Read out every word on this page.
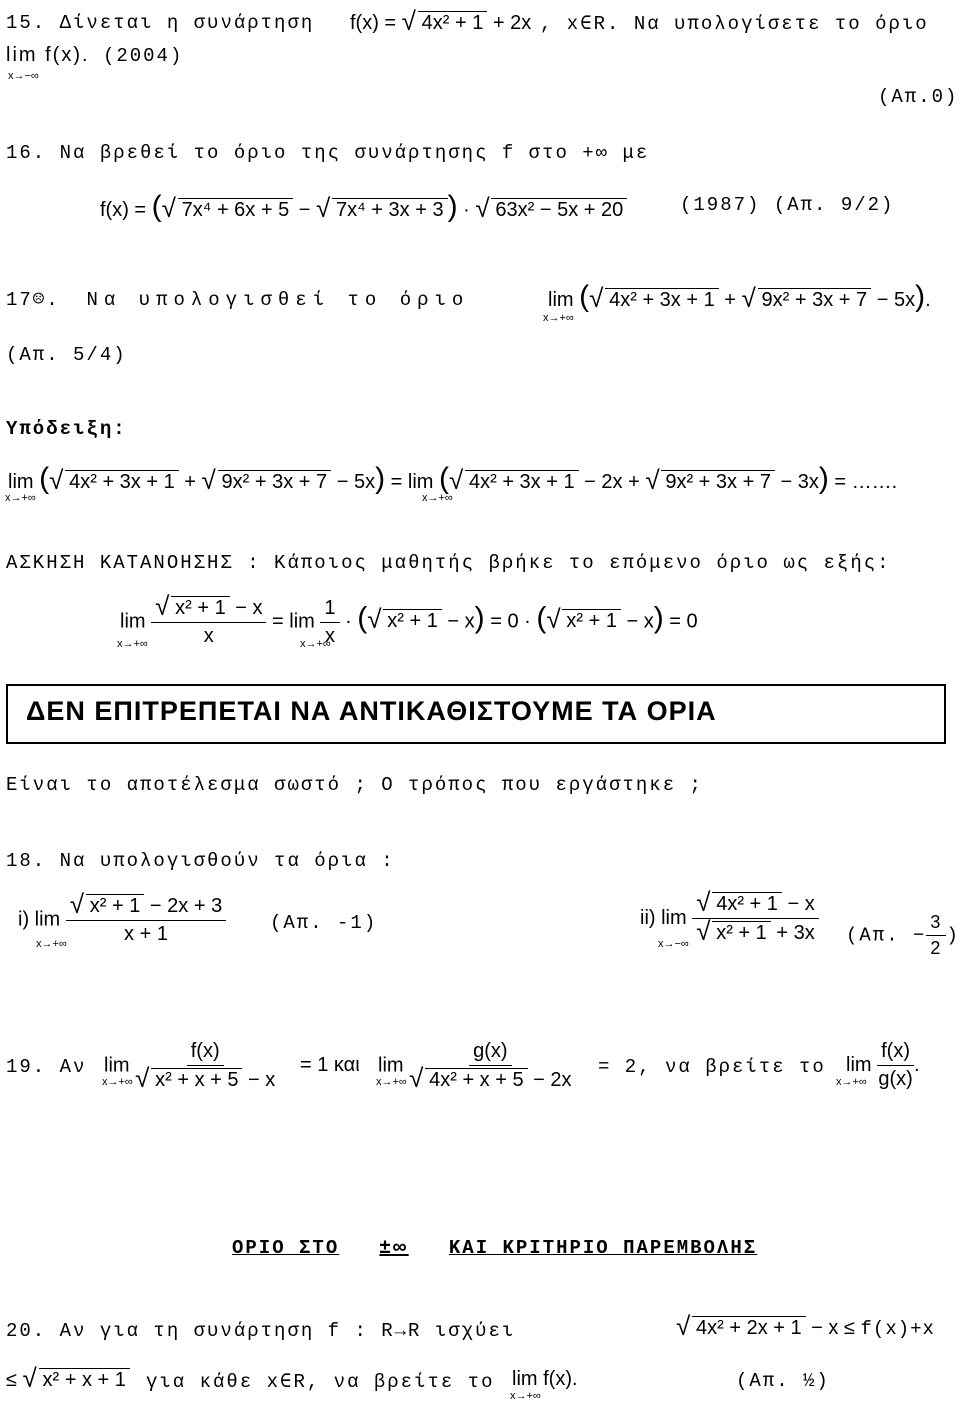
15. Δίνεται η συνάρτηση f(x) = √ 4x² + 1 + 2x , x∈R. Να υπολογίσετε το όριο
lim f(x). (2004)
x→−∞
(Απ.0)
16. Να βρεθεί το όριο της συνάρτησης f στο +∞ με
f(x) = ( √ 7x⁴ + 6x + 5 − √ 7x⁴ + 3x + 3 ) · √ 63x² − 5x + 20	(1987) (Απ. 9/2)
17☹. Να υπολογισθεί το όριο	lim ( √ 4x² + 3x + 1 + √ 9x² + 3x + 7 − 5x).
x→+∞
(Απ. 5/4)
Υπόδειξη:
lim ( √ 4x² + 3x + 1 + √ 9x² + 3x + 7 − 5x) = lim ( √ 4x² + 3x + 1 − 2x + √ 9x² + 3x + 7 − 3x) = …….
x→+∞	x→+∞
ΑΣΚΗΣΗ ΚΑΤΑΝΟΗΣΗΣ : Κάποιος μαθητής βρήκε το επόμενο όριο ως εξής:
lim √ $\frac{\text{x² + 1 − x}}{x} = \lim \frac{1}{x}$ · ( √ x² + 1 − x) = 0 · ( √ x² + 1 − x) = 0
x→+∞	x→+∞
ΔΕΝ ΕΠΙΤΡΕΠΕΤΑΙ ΝΑ ΑΝΤΙΚΑΘΙΣΤΟΥΜΕ ΤΑ ΟΡΙΑ
Είναι το αποτέλεσμα σωστό ; Ο τρόπος που εργάστηκε ;
18. Να υπολογισθούν τα όρια :
i) lim √ $\frac{\text{x² + 1 − 2x + 3}}{x + 1}$
x→+∞
(Απ. -1)	ii) lim √ 4x² + 1 − x
√ x² + 1 + 3x
x→−∞	(Απ. − $\frac{3}{2}$ )
19. Αν lim f(x)
√ x² + x + 5 − x
x→+∞
= 1 και lim g(x)
√ 4x² + x + 5 − 2x
x→+∞
= 2, να βρείτε το $\lim \frac{f(x)}{g(x)}$ .
x→+∞
ΟΡΙΟ ΣΤΟ ±∞ ΚΑΙ ΚΡΙΤΗΡΙΟ ΠΑΡΕΜΒΟΛΗΣ
20. Αν για τη συνάρτηση f : R→R ισχύει	√ 4x² + 2x + 1 − x ≤ f(x)+x
≤ √ x² + x + 1 για κάθε x∈R, να βρείτε το lim f(x).
x→+∞
(Απ. ½)
